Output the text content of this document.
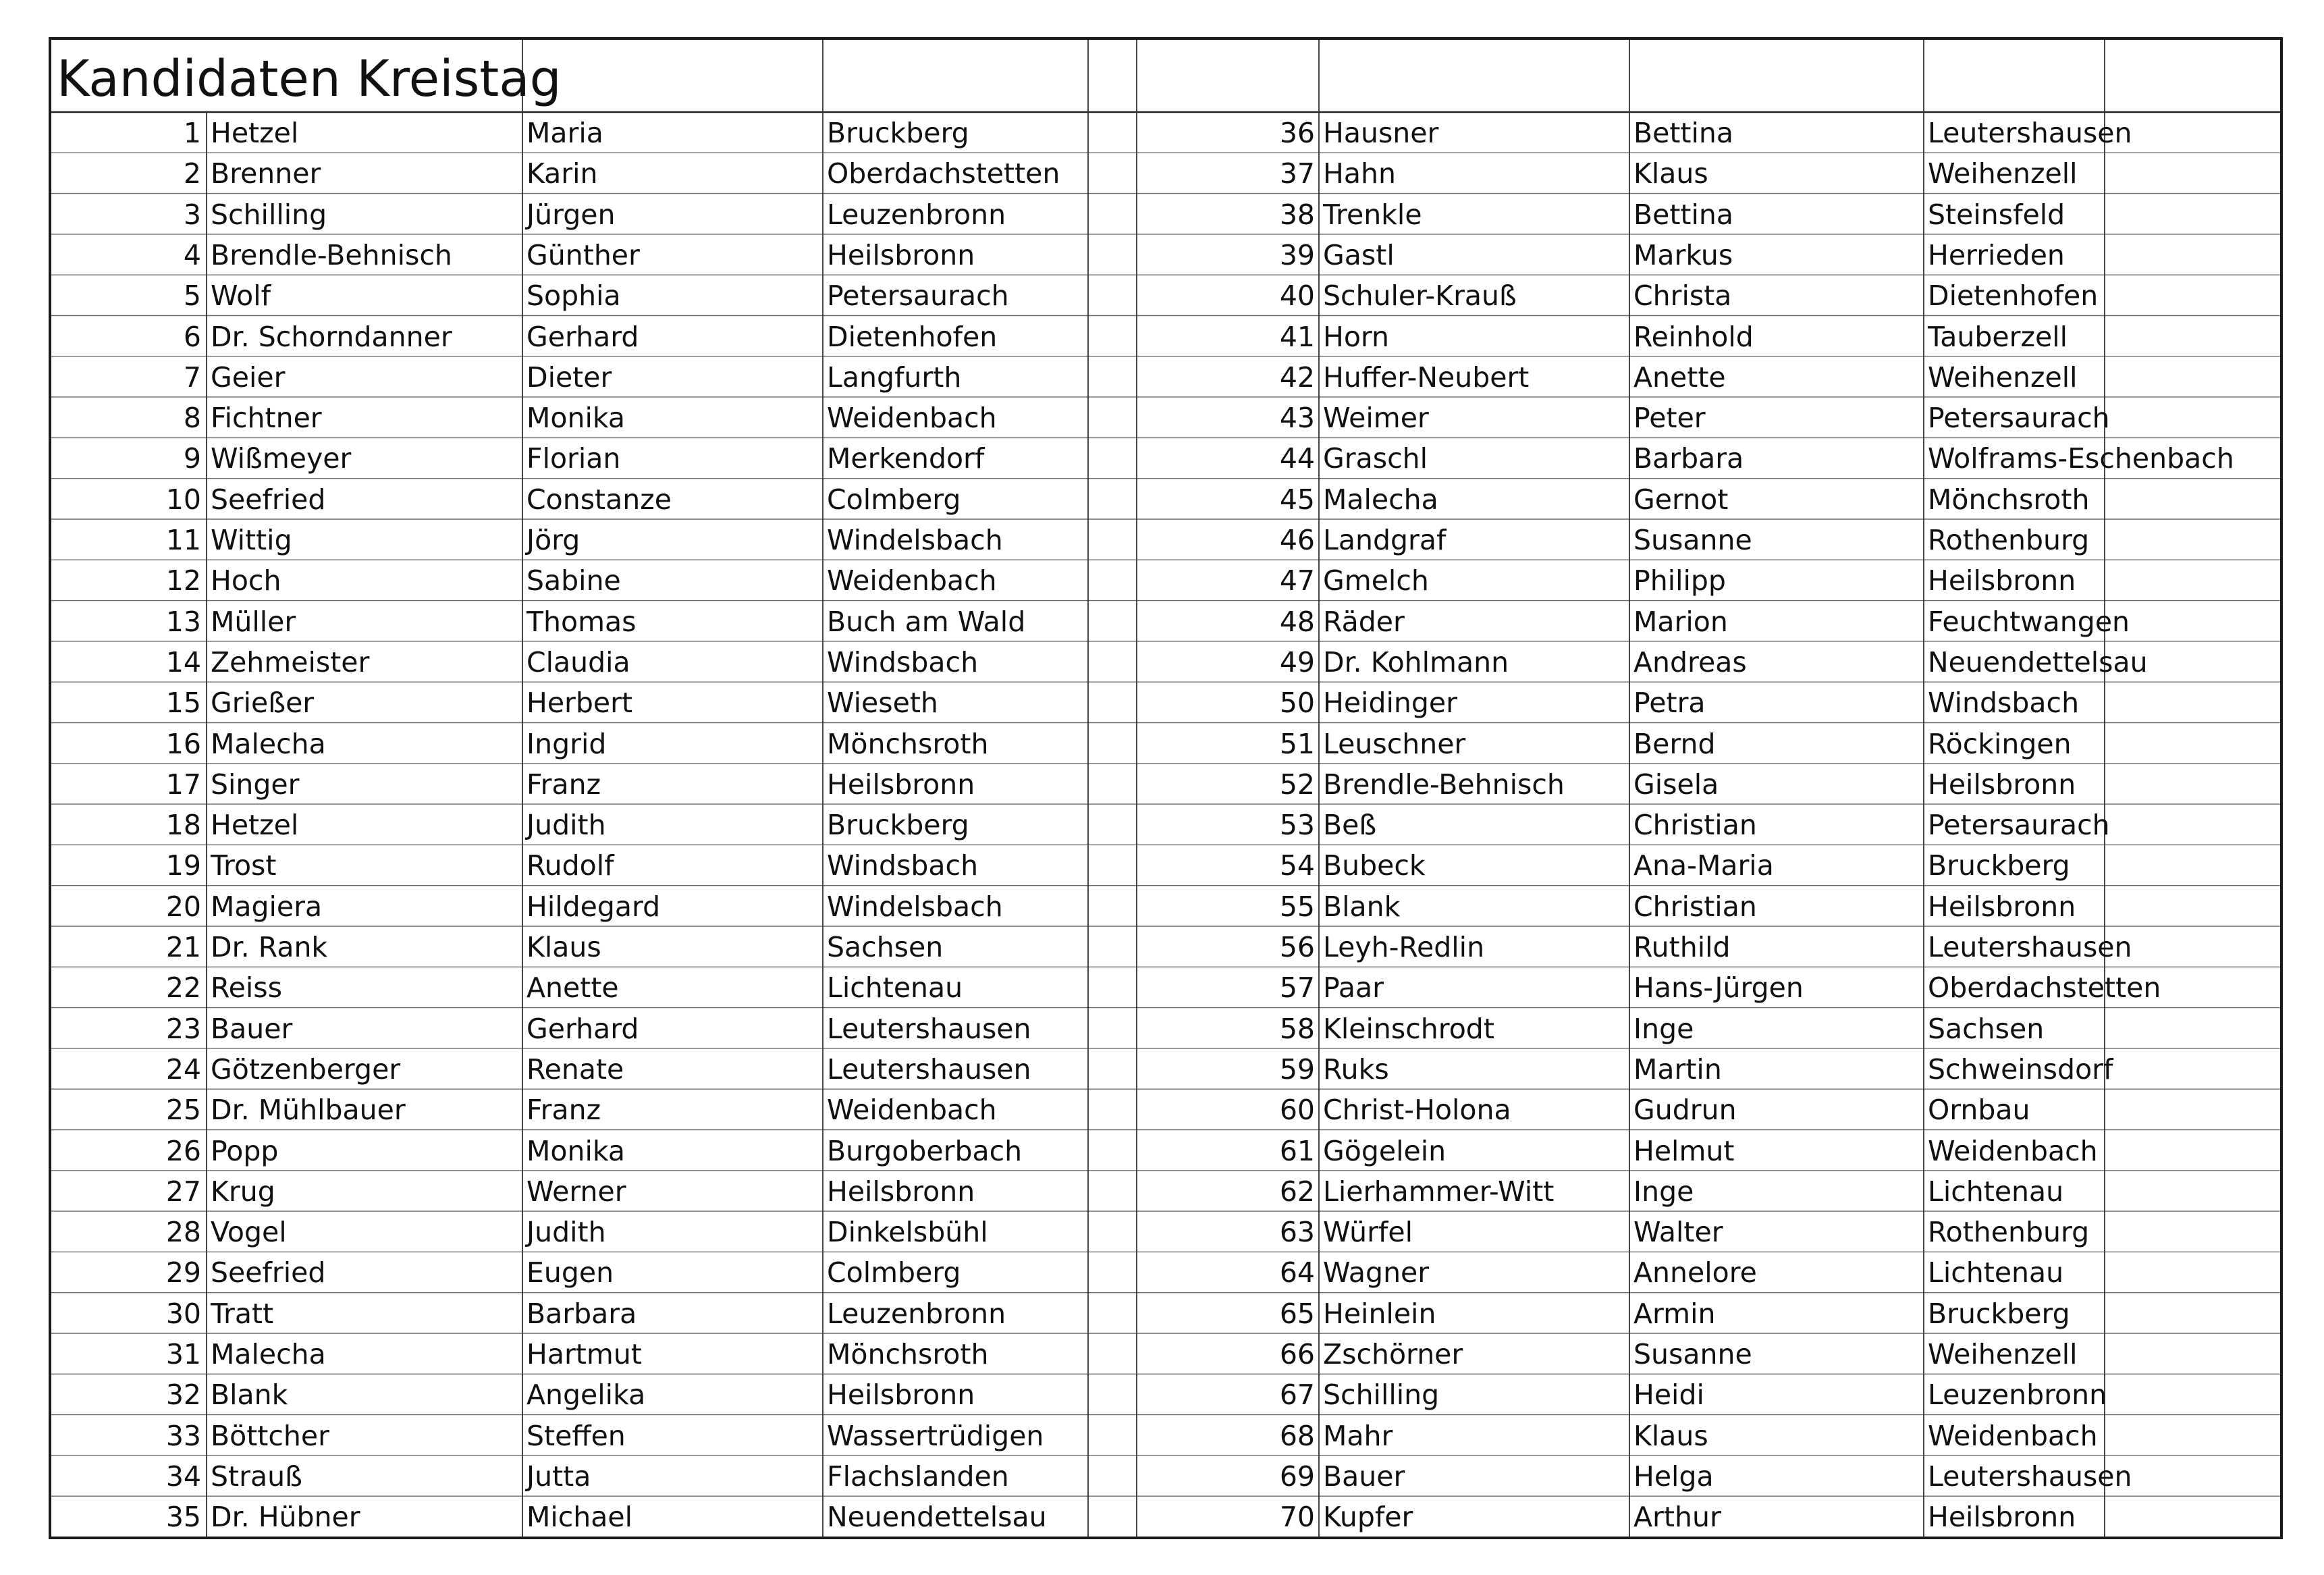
Kandidaten Kreistag
1 Hetzel	Maria	Bruckberg
2 Brenner	Karin	Oberdachstetten
3 Schilling	Jürgen	Leuzenbronn
4 Brendle-Behnisch	Günther	Heilsbronn
5 Wolf	Sophia	Petersaurach
6 Dr. Schorndanner	Gerhard	Dietenhofen
7 Geier	Dieter	Langfurth
8 Fichtner	Monika	Weidenbach
9 Wißmeyer	Florian	Merkendorf
10 Seefried	Constanze	Colmberg
11 Wittig	Jörg	Windelsbach
12 Hoch	Sabine	Weidenbach
13 Müller	Thomas	Buch am Wald
14 Zehmeister	Claudia	Windsbach
15 Grießer	Herbert	Wieseth
16 Malecha	Ingrid	Mönchsroth
17 Singer	Franz	Heilsbronn
18 Hetzel	Judith	Bruckberg
19 Trost	Rudolf	Windsbach
20 Magiera	Hildegard	Windelsbach
21 Dr. Rank	Klaus	Sachsen
22 Reiss	Anette	Lichtenau
23 Bauer	Gerhard	Leutershausen
24 Götzenberger	Renate	Leutershausen
25 Dr. Mühlbauer	Franz	Weidenbach
26 Popp	Monika	Burgoberbach
27 Krug	Werner	Heilsbronn
28 Vogel	Judith	Dinkelsbühl
29 Seefried	Eugen	Colmberg
30 Tratt	Barbara	Leuzenbronn
31 Malecha	Hartmut	Mönchsroth
32 Blank	Angelika	Heilsbronn
33 Böttcher	Steffen	Wassertrüdigen
34 Strauß	Jutta	Flachslanden
35 Dr. Hübner	Michael	Neuendettelsau
36 Hausner	Bettina	Leutershausen
37 Hahn	Klaus	Weihenzell
38 Trenkle	Bettina	Steinsfeld
39 Gastl	Markus	Herrieden
40 Schuler-Krauß	Christa	Dietenhofen
41 Horn	Reinhold	Tauberzell
42 Huffer-Neubert	Anette	Weihenzell
43 Weimer	Peter	Petersaurach
44 Graschl	Barbara	Wolframs-Eschenbach
45 Malecha	Gernot	Mönchsroth
46 Landgraf	Susanne	Rothenburg
47 Gmelch	Philipp	Heilsbronn
48 Räder	Marion	Feuchtwangen
49 Dr. Kohlmann	Andreas	Neuendettelsau
50 Heidinger	Petra	Windsbach
51 Leuschner	Bernd	Röckingen
52 Brendle-Behnisch	Gisela	Heilsbronn
53 Beß	Christian	Petersaurach
54 Bubeck	Ana-Maria	Bruckberg
55 Blank	Christian	Heilsbronn
56 Leyh-Redlin	Ruthild	Leutershausen
57 Paar	Hans-Jürgen	Oberdachstetten
58 Kleinschrodt	Inge	Sachsen
59 Ruks	Martin	Schweinsdorf
60 Christ-Holona	Gudrun	Ornbau
61 Gögelein	Helmut	Weidenbach
62 Lierhammer-Witt	Inge	Lichtenau
63 Würfel	Walter	Rothenburg
64 Wagner	Annelore	Lichtenau
65 Heinlein	Armin	Bruckberg
66 Zschörner	Susanne	Weihenzell
67 Schilling	Heidi	Leuzenbronn
68 Mahr	Klaus	Weidenbach
69 Bauer	Helga	Leutershausen
70 Kupfer	Arthur	Heilsbronn
